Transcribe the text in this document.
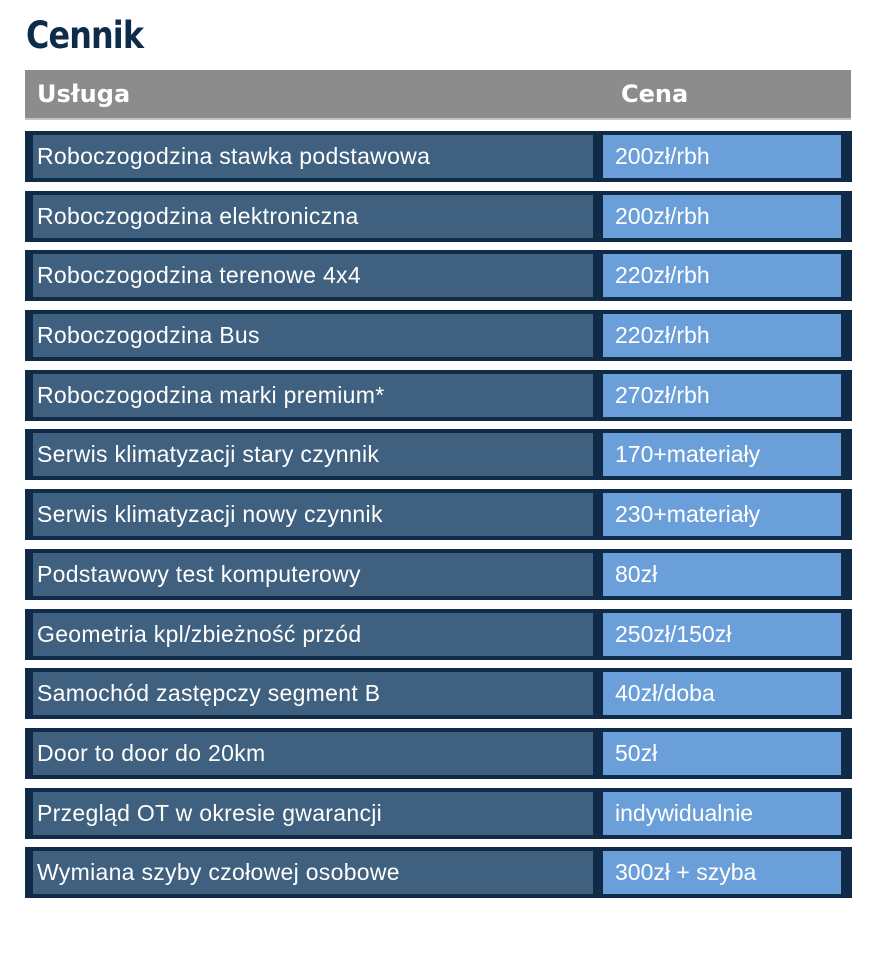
Cennik
Usługa	Cena
Roboczogodzina stawka podstawowa	200zł/rbh
Roboczogodzina elektroniczna	200zł/rbh
Roboczogodzina terenowe 4x4	220zł/rbh
Roboczogodzina Bus	220zł/rbh
Roboczogodzina marki premium*	270zł/rbh
Serwis klimatyzacji stary czynnik	170+materiały
Serwis klimatyzacji nowy czynnik	230+materiały
Podstawowy test komputerowy	80zł
Geometria kpl/zbieżność przód	250zł/150zł
Samochód zastępczy segment B	40zł/doba
Door to door do 20km	50zł
Przegląd OT w okresie gwarancji	indywidualnie
Wymiana szyby czołowej osobowe	300zł + szyba
